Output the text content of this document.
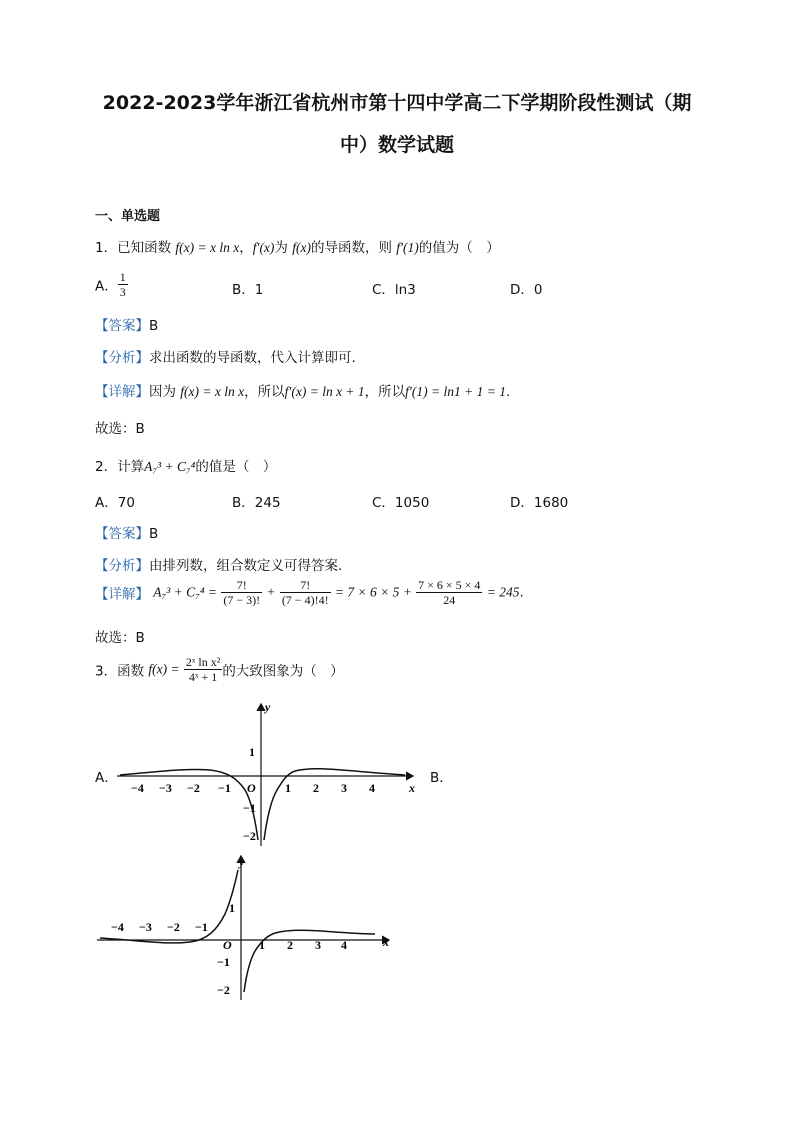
2022-2023学年浙江省杭州市第十四中学高二下学期阶段性测试（期
中）数学试题
一、单选题
1．已知函数 f(x) = x ln x，f′(x)为 f(x)的导函数，则 f′(1)的值为（　）
A． $\frac{1}{3}$	B．1	C．ln3	D．0
【答案】B
【分析】求出函数的导函数，代入计算即可.
【详解】因为 f(x) = x ln x，所以f′(x) = ln x + 1，所以f′(1) = ln1 + 1 = 1.
故选：B
2．计算A₇³ + C₇⁴的值是（　）
A．70	B．245	C．1050	D．1680
【答案】B
【分析】由排列数，组合数定义可得答案.
【详解】 $A_7^3 + C_7^4 = \frac{7!}{(7 - 3)!} + \frac{7!}{(7 - 4)!4!} = 7 \times 6 \times 5 + \frac{7 \times 6 \times 5 \times 4}{24} = 245$.
故选：B
3．函数 $f(x) = \frac{\text{2ˣ ln x²}}{\text{4ˣ + 1}}$ 的大致图象为（　）
A．	B．
x
y
O
−4 −3 −2 −1	1 2 3 4
1
−1
−2
x
y
O
−4 −3 −2 −1
1 2 3 4
1
−1
−2
